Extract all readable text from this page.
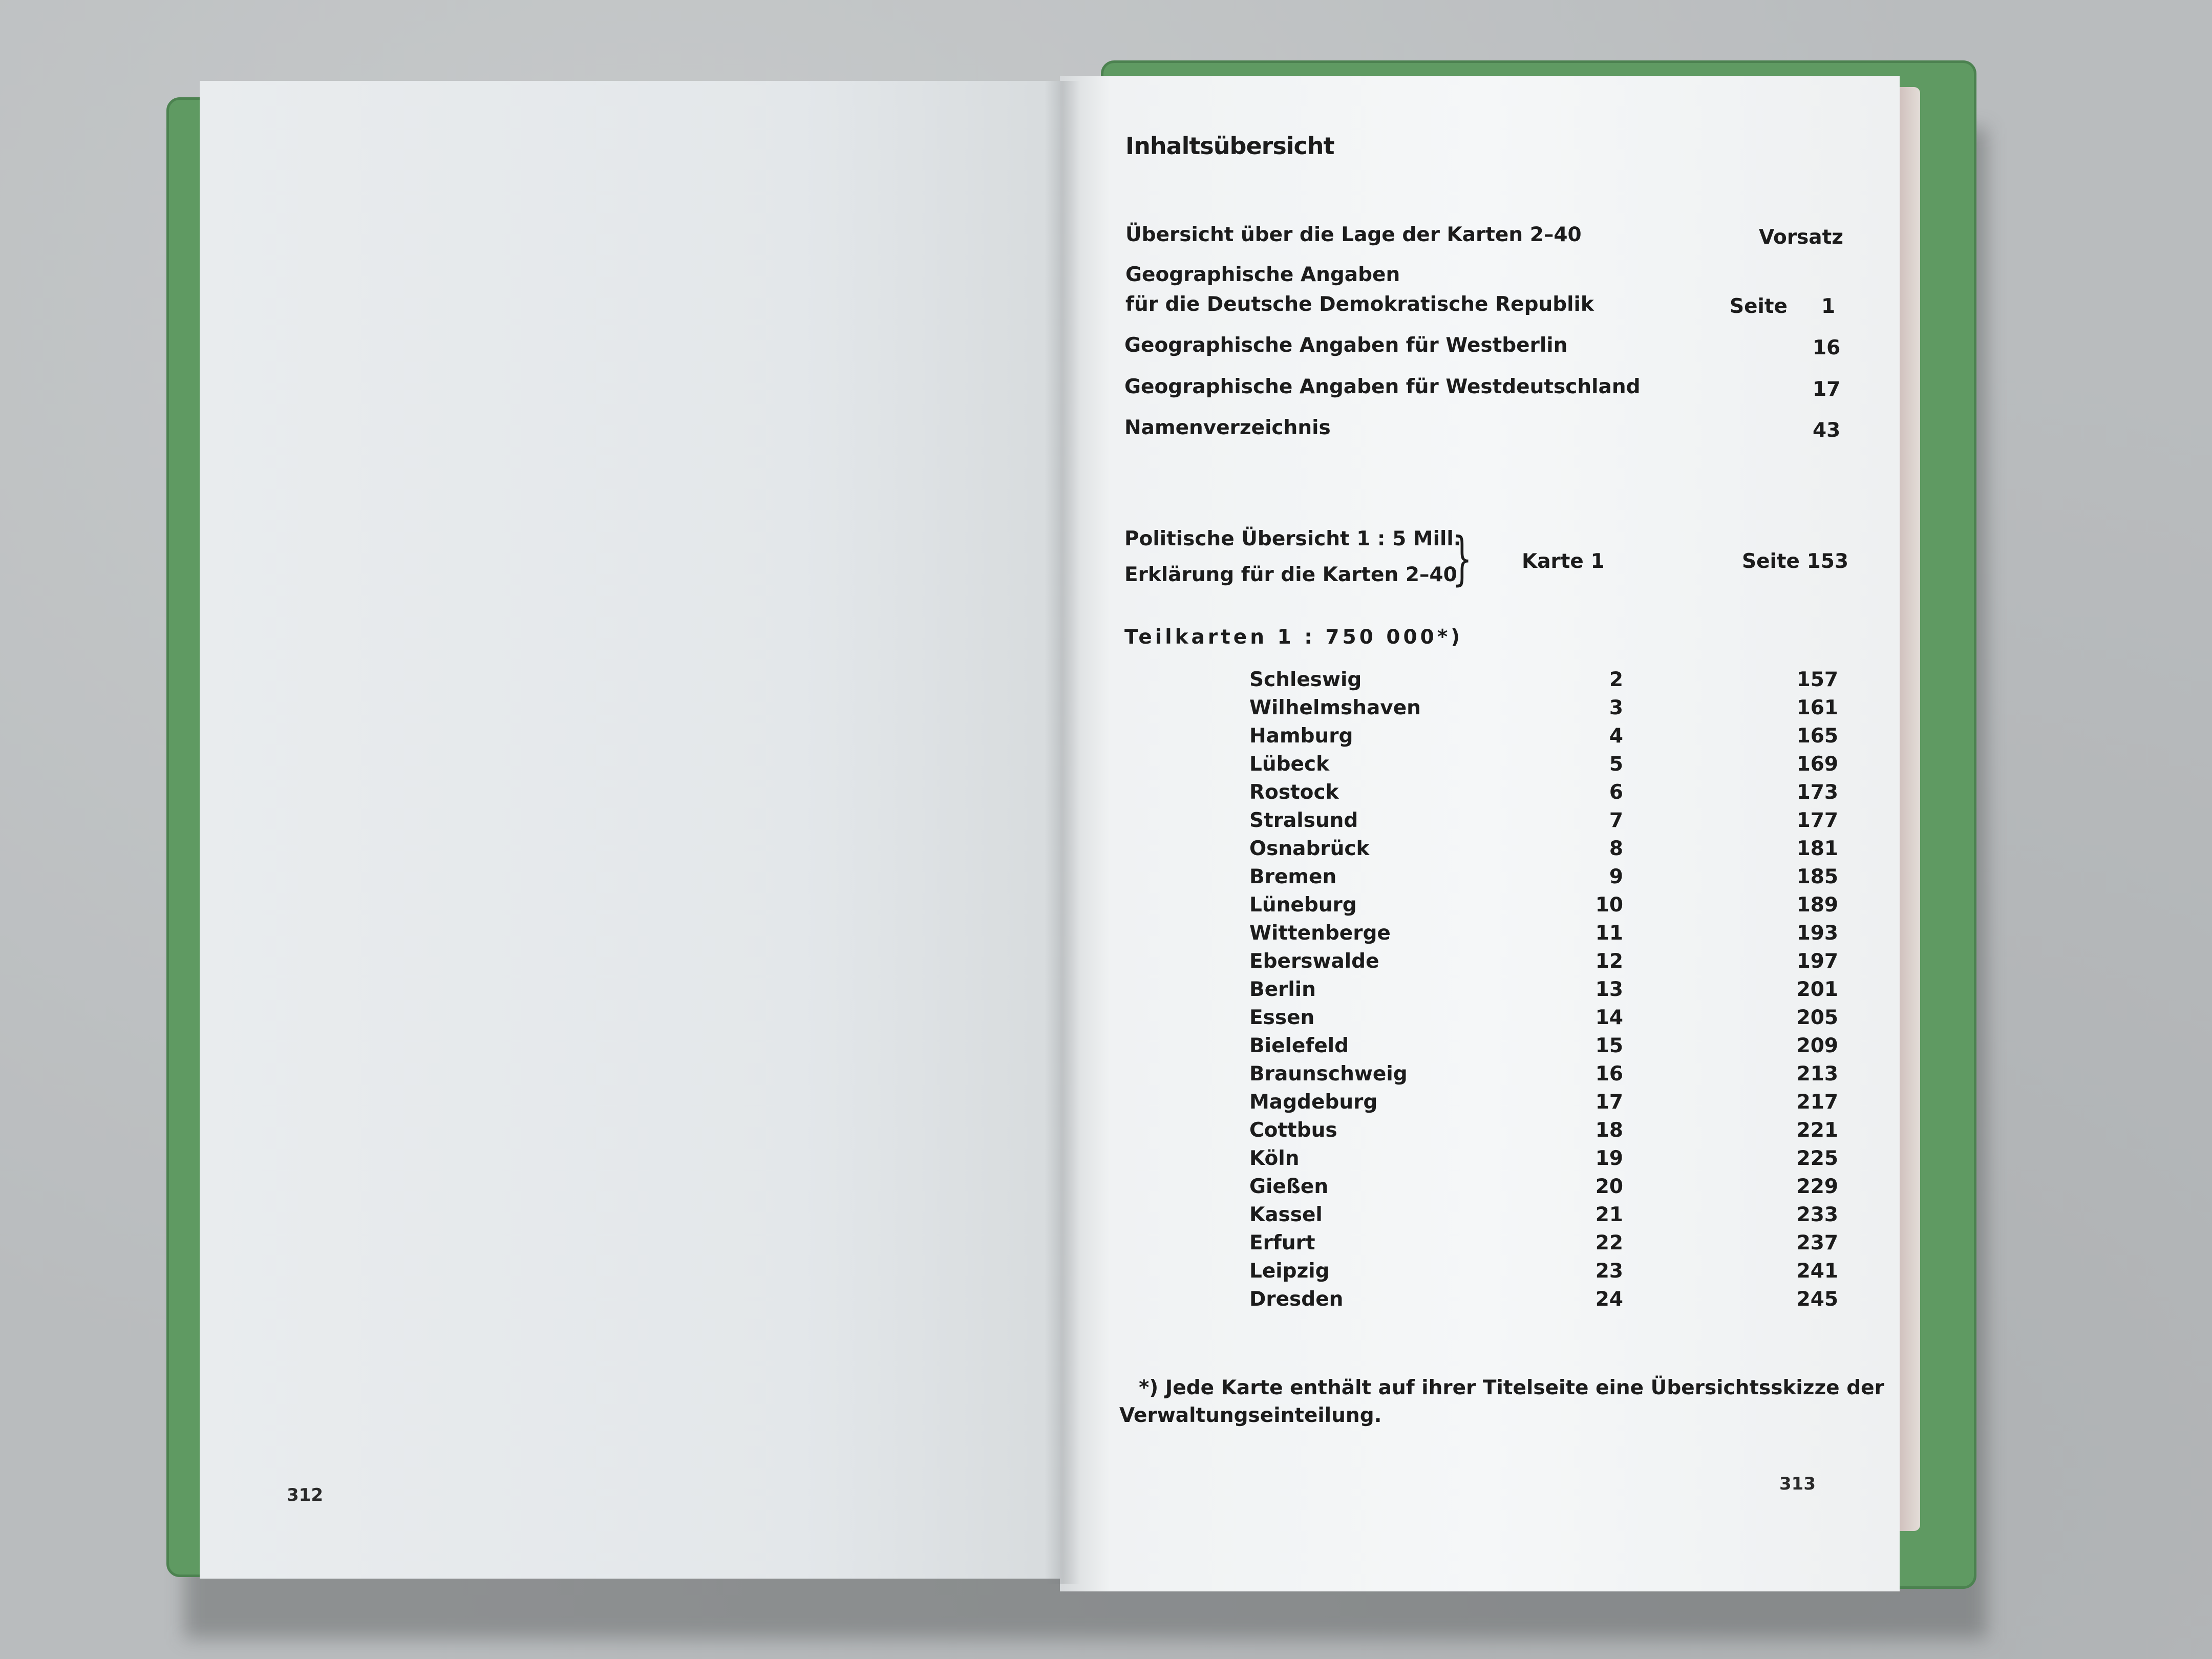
312
313
Inhaltsübersicht
Übersicht über die Lage der Karten 2–40	Vorsatz
Geographische Angaben
für die Deutsche Demokratische Republik	Seite 1
Geographische Angaben für Westberlin	16
Geographische Angaben für Westdeutschland	17
Namenverzeichnis	43
Politische Übersicht 1 : 5 Mill.
Erklärung für die Karten 2–40
} Karte 1	Seite 153
Teilkarten 1 : 750 000*)
Schleswig	2	157
Wilhelmshaven	3	161
Hamburg	4	165
Lübeck	5	169
Rostock	6	173
Stralsund	7	177
Osnabrück	8	181
Bremen	9	185
Lüneburg	10	189
Wittenberge	11	193
Eberswalde	12	197
Berlin	13	201
Essen	14	205
Bielefeld	15	209
Braunschweig	16	213
Magdeburg	17	217
Cottbus	18	221
Köln	19	225
Gießen	20	229
Kassel	21	233
Erfurt	22	237
Leipzig	23	241
Dresden	24	245
*) Jede Karte enthält auf ihrer Titelseite eine Übersichtsskizze der
Verwaltungseinteilung.
